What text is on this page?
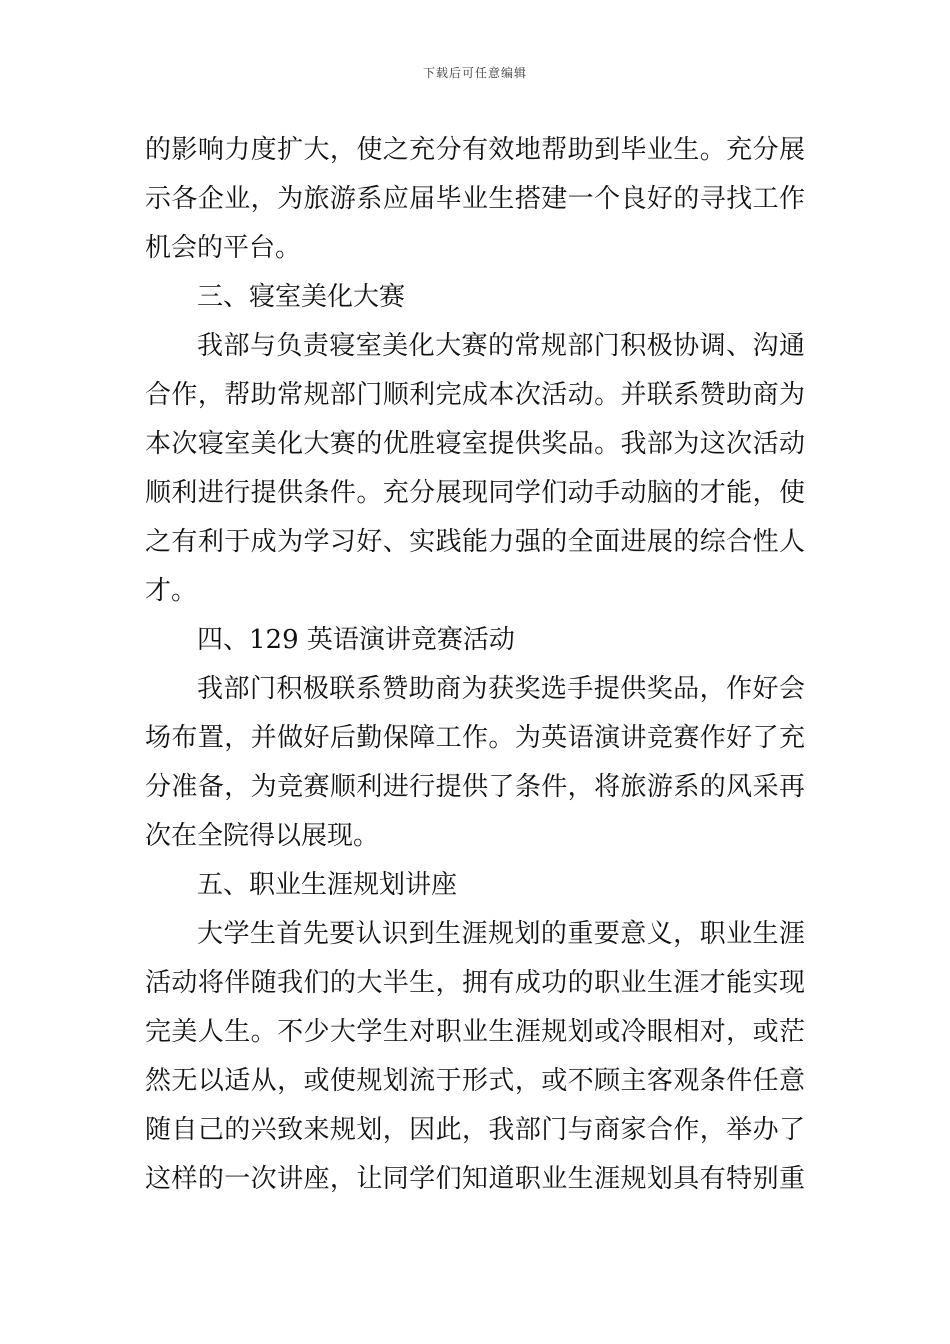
下载后可任意编辑
的影响力度扩大，使之充分有效地帮助到毕业生。充分展
示各企业，为旅游系应届毕业生搭建一个良好的寻找工作
机会的平台。
三、寝室美化大赛
我部与负责寝室美化大赛的常规部门积极协调、沟通
合作，帮助常规部门顺利完成本次活动。并联系赞助商为
本次寝室美化大赛的优胜寝室提供奖品。我部为这次活动
顺利进行提供条件。充分展现同学们动手动脑的才能，使
之有利于成为学习好、实践能力强的全面进展的综合性人
才。
四、129 英语演讲竞赛活动
我部门积极联系赞助商为获奖选手提供奖品，作好会
场布置，并做好后勤保障工作。为英语演讲竞赛作好了充
分准备，为竞赛顺利进行提供了条件，将旅游系的风采再
次在全院得以展现。
五、职业生涯规划讲座
大学生首先要认识到生涯规划的重要意义，职业生涯
活动将伴随我们的大半生，拥有成功的职业生涯才能实现
完美人生。不少大学生对职业生涯规划或冷眼相对，或茫
然无以适从，或使规划流于形式，或不顾主客观条件任意
随自己的兴致来规划，因此，我部门与商家合作，举办了
这样的一次讲座，让同学们知道职业生涯规划具有特别重
